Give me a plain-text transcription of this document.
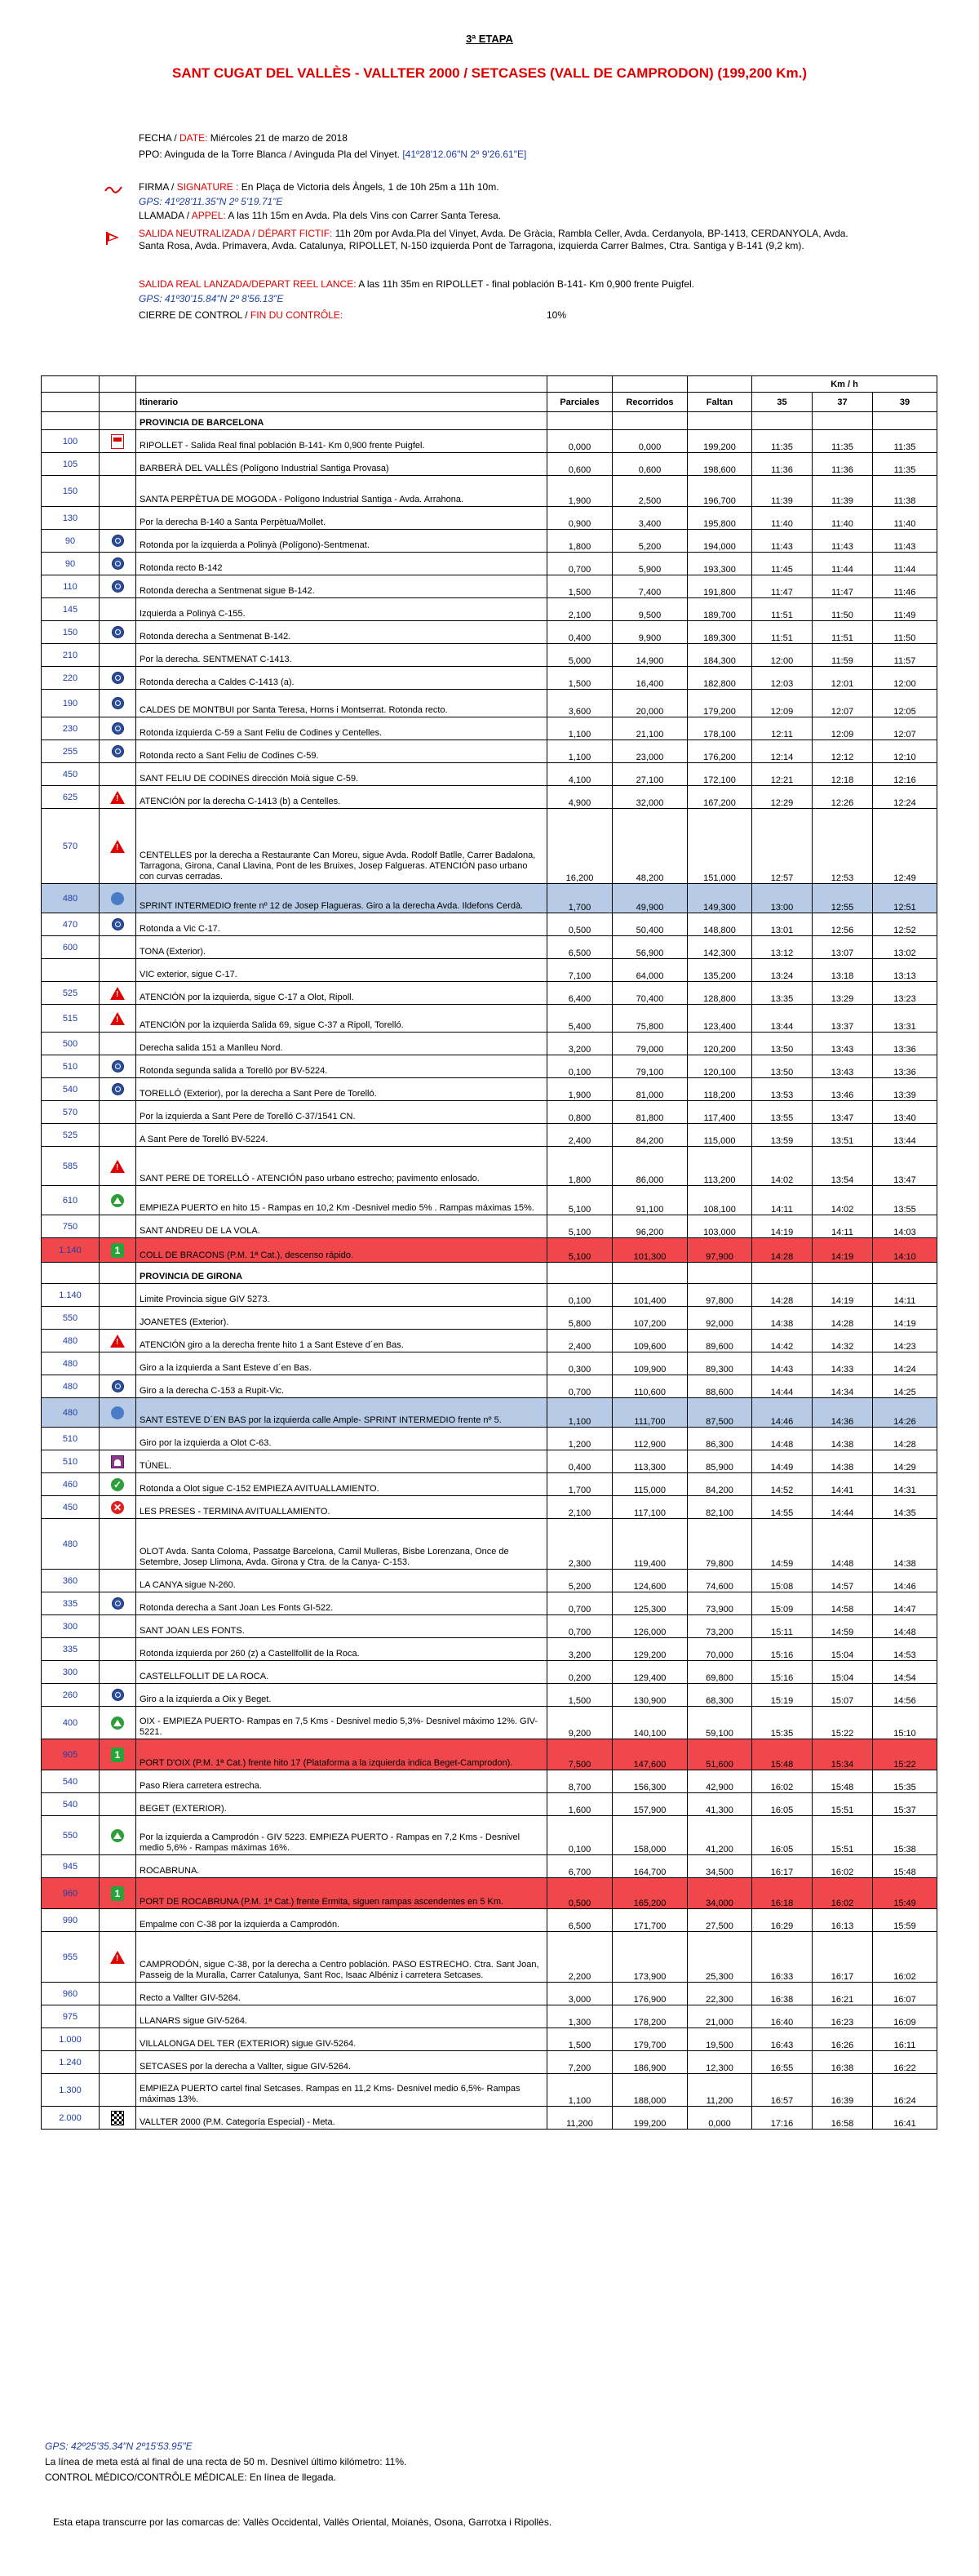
3ª ETAPA
SANT CUGAT DEL VALLÈS - VALLTER 2000 / SETCASES (VALL DE CAMPRODON) (199,200 Km.)
FECHA / DATE: Miércoles 21 de marzo de 2018
PPO: Avinguda de la Torre Blanca / Avinguda Pla del Vinyet. [41º28'12.06"N 2º 9'26.61"E]
FIRMA / SIGNATURE : En Plaça de Victoria dels Àngels, 1 de 10h 25m a 11h 10m.
GPS: 41º28'11.35"N 2º 5'19.71"E
LLAMADA / APPEL: A las 11h 15m en Avda. Pla dels Vins con Carrer Santa Teresa.
SALIDA NEUTRALIZADA / DÉPART FICTIF: 11h 20m por Avda.Pla del Vinyet, Avda. De Gràcia, Rambla Celler, Avda. Cerdanyola, BP-1413, CERDANYOLA, Avda. Santa Rosa, Avda. Primavera, Avda. Catalunya, RIPOLLET, N-150 izquierda Pont de Tarragona, izquierda Carrer Balmes, Ctra. Santiga y B-141 (9,2 km).
SALIDA REAL LANZADA/DEPART REEL LANCE: A las 11h 35m en RIPOLLET - final población B-141- Km 0,900 frente Puigfel.
GPS: 41º30'15.84"N 2º 8'56.13"E
CIERRE DE CONTROL / FIN DU CONTRÔLE:	10%
						Km / h		
		Itinerario	Parciales	Recorridos	Faltan	35	37	39
		PROVINCIA DE BARCELONA						
100		RIPOLLET - Salida Real final población B-141- Km 0,900 frente Puigfel.	0,000	0,000	199,200	11:35	11:35	11:35
105		BARBERÀ DEL VALLÈS (Polígono Industrial Santiga Provasa)	0,600	0,600	198,600	11:36	11:36	11:35
150		SANTA PERPÈTUA DE MOGODA - Polígono Industrial Santiga - Avda. Arrahona.	1,900	2,500	196,700	11:39	11:39	11:38
130		Por la derecha B-140 a Santa Perpètua/Mollet.	0,900	3,400	195,800	11:40	11:40	11:40
90		Rotonda por la izquierda a Polinyà (Polígono)-Sentmenat.	1,800	5,200	194,000	11:43	11:43	11:43
90		Rotonda recto B-142	0,700	5,900	193,300	11:45	11:44	11:44
110		Rotonda derecha a Sentmenat sigue B-142.	1,500	7,400	191,800	11:47	11:47	11:46
145		Izquierda a Polinyà C-155.	2,100	9,500	189,700	11:51	11:50	11:49
150		Rotonda derecha a Sentmenat B-142.	0,400	9,900	189,300	11:51	11:51	11:50
210		Por la derecha. SENTMENAT C-1413.	5,000	14,900	184,300	12:00	11:59	11:57
220		Rotonda derecha a Caldes C-1413 (a).	1,500	16,400	182,800	12:03	12:01	12:00
190		CALDES DE MONTBUI por Santa Teresa, Horns i Montserrat. Rotonda recto.	3,600	20,000	179,200	12:09	12:07	12:05
230		Rotonda izquierda C-59 a Sant Feliu de Codines y Centelles.	1,100	21,100	178,100	12:11	12:09	12:07
255		Rotonda recto a Sant Feliu de Codines C-59.	1,100	23,000	176,200	12:14	12:12	12:10
450		SANT FELIU DE CODINES dirección Moià sigue C-59.	4,100	27,100	172,100	12:21	12:18	12:16
625	!	ATENCIÓN por la derecha C-1413 (b) a Centelles.	4,900	32,000	167,200	12:29	12:26	12:24
570	!	CENTELLES por la derecha a Restaurante Can Moreu, sigue Avda. Rodolf Batlle, Carrer Badalona, Tarragona, Girona, Canal Llavina, Pont de les Bruixes, Josep Falgueras. ATENCIÓN paso urbano con curvas cerradas.	16,200	48,200	151,000	12:57	12:53	12:49
480		SPRINT INTERMEDIO frente nº 12 de Josep Flagueras. Giro a la derecha Avda. Ildefons Cerdà.	1,700	49,900	149,300	13:00	12:55	12:51
470		Rotonda a Vic C-17.	0,500	50,400	148,800	13:01	12:56	12:52
600		TONA (Exterior).	6,500	56,900	142,300	13:12	13:07	13:02
		VIC exterior, sigue C-17.	7,100	64,000	135,200	13:24	13:18	13:13
525	!	ATENCIÓN por la izquierda, sigue C-17 a Olot, Ripoll.	6,400	70,400	128,800	13:35	13:29	13:23
515	!	ATENCIÓN por la izquierda Salida 69, sigue C-37 a Ripoll, Torelló.	5,400	75,800	123,400	13:44	13:37	13:31
500		Derecha salida 151 a Manlleu Nord.	3,200	79,000	120,200	13:50	13:43	13:36
510		Rotonda segunda salida a Torelló por BV-5224.	0,100	79,100	120,100	13:50	13:43	13:36
540		TORELLÓ (Exterior), por la derecha a Sant Pere de Torelló.	1,900	81,000	118,200	13:53	13:46	13:39
570		Por la izquierda a Sant Pere de Torelló C-37/1541 CN.	0,800	81,800	117,400	13:55	13:47	13:40
525		A Sant Pere de Torelló BV-5224.	2,400	84,200	115,000	13:59	13:51	13:44
585	!	SANT PERE DE TORELLÓ - ATENCIÓN paso urbano estrecho; pavimento enlosado.	1,800	86,000	113,200	14:02	13:54	13:47
610		EMPIEZA PUERTO en hito 15 - Rampas en 10,2 Km -Desnivel medio 5% . Rampas máximas 15%.	5,100	91,100	108,100	14:11	14:02	13:55
750		SANT ANDREU DE LA VOLA.	5,100	96,200	103,000	14:19	14:11	14:03
1.140	1	COLL DE BRACONS (P.M. 1ª Cat.), descenso rápido.	5,100	101,300	97,900	14:28	14:19	14:10
		PROVINCIA DE GIRONA						
1.140		Limite Provincia sigue GIV 5273.	0,100	101,400	97,800	14:28	14:19	14:11
550		JOANETES (Exterior).	5,800	107,200	92,000	14:38	14:28	14:19
480	!	ATENCIÓN giro a la derecha frente hito 1 a Sant Esteve d´en Bas.	2,400	109,600	89,600	14:42	14:32	14:23
480		Giro a la izquierda a Sant Esteve d´en Bas.	0,300	109,900	89,300	14:43	14:33	14:24
480		Giro a la derecha C-153 a Rupit-Vic.	0,700	110,600	88,600	14:44	14:34	14:25
480		SANT ESTEVE D´EN BAS por la izquierda calle Ample- SPRINT INTERMEDIO frente nº 5.	1,100	111,700	87,500	14:46	14:36	14:26
510		Giro por la izquierda a Olot C-63.	1,200	112,900	86,300	14:48	14:38	14:28
510		TÚNEL.	0,400	113,300	85,900	14:49	14:38	14:29
460	✓	Rotonda a Olot sigue C-152 EMPIEZA AVITUALLAMIENTO.	1,700	115,000	84,200	14:52	14:41	14:31
450	✕	LES PRESES - TERMINA AVITUALLAMIENTO.	2,100	117,100	82,100	14:55	14:44	14:35
480		OLOT Avda. Santa Coloma, Passatge Barcelona, Camil Mulleras, Bisbe Lorenzana, Once de Setembre, Josep Llimona, Avda. Girona y Ctra. de la Canya- C-153.	2,300	119,400	79,800	14:59	14:48	14:38
360		LA CANYA sigue N-260.	5,200	124,600	74,600	15:08	14:57	14:46
335		Rotonda derecha a Sant Joan Les Fonts GI-522.	0,700	125,300	73,900	15:09	14:58	14:47
300		SANT JOAN LES FONTS.	0,700	126,000	73,200	15:11	14:59	14:48
335		Rotonda izquierda por 260 (z) a Castellfollit de la Roca.	3,200	129,200	70,000	15:16	15:04	14:53
300		CASTELLFOLLIT DE LA ROCA.	0,200	129,400	69,800	15:16	15:04	14:54
260		Giro a la izquierda a Oix y Beget.	1,500	130,900	68,300	15:19	15:07	14:56
400		OIX - EMPIEZA PUERTO- Rampas en 7,5 Kms - Desnivel medio 5,3%- Desnivel máximo 12%. GIV-5221.	9,200	140,100	59,100	15:35	15:22	15:10
905	1	PORT D'OIX (P.M. 1ª Cat.) frente hito 17 (Plataforma a la izquierda indica Beget-Camprodon).	7,500	147,600	51,600	15:48	15:34	15:22
540		Paso Riera carretera estrecha.	8,700	156,300	42,900	16:02	15:48	15:35
540		BEGET (EXTERIOR).	1,600	157,900	41,300	16:05	15:51	15:37
550		Por la izquierda a Camprodón - GIV 5223. EMPIEZA PUERTO - Rampas en 7,2 Kms - Desnivel medio 5,6% - Rampas máximas 16%.	0,100	158,000	41,200	16:05	15:51	15:38
945		ROCABRUNA.	6,700	164,700	34,500	16:17	16:02	15:48
960	1	PORT DE ROCABRUNA (P.M. 1ª Cat.) frente Ermita, siguen rampas ascendentes en 5 Km.	0,500	165,200	34,000	16:18	16:02	15:49
990		Empalme con C-38 por la izquierda a Camprodón.	6,500	171,700	27,500	16:29	16:13	15:59
955	!	CAMPRODÓN, sigue C-38, por la derecha a Centro población. PASO ESTRECHO. Ctra. Sant Joan, Passeig de la Muralla, Carrer Catalunya, Sant Roc, Isaac Albéniz i carretera Setcases.	2,200	173,900	25,300	16:33	16:17	16:02
960		Recto a Vallter GIV-5264.	3,000	176,900	22,300	16:38	16:21	16:07
975		LLANARS sigue GIV-5264.	1,300	178,200	21,000	16:40	16:23	16:09
1.000		VILLALONGA DEL TER (EXTERIOR) sigue GIV-5264.	1,500	179,700	19,500	16:43	16:26	16:11
1.240		SETCASES por la derecha a Vallter, sigue GIV-5264.	7,200	186,900	12,300	16:55	16:38	16:22
1.300		EMPIEZA PUERTO cartel final Setcases. Rampas en 11,2 Kms- Desnivel medio 6,5%- Rampas máximas 13%.	1,100	188,000	11,200	16:57	16:39	16:24
2.000		VALLTER 2000 (P.M. Categoría Especial) - Meta.	11,200	199,200	0,000	17:16	16:58	16:41
GPS: 42º25'35.34"N 2º15'53.95"E
La línea de meta está al final de una recta de 50 m. Desnivel último kilómetro: 11%.
CONTROL MÉDICO/CONTRÔLE MÉDICALE: En línea de llegada.
Esta etapa transcurre por las comarcas de: Vallès Occidental, Vallès Oriental, Moianès, Osona, Garrotxa i Ripollès.
